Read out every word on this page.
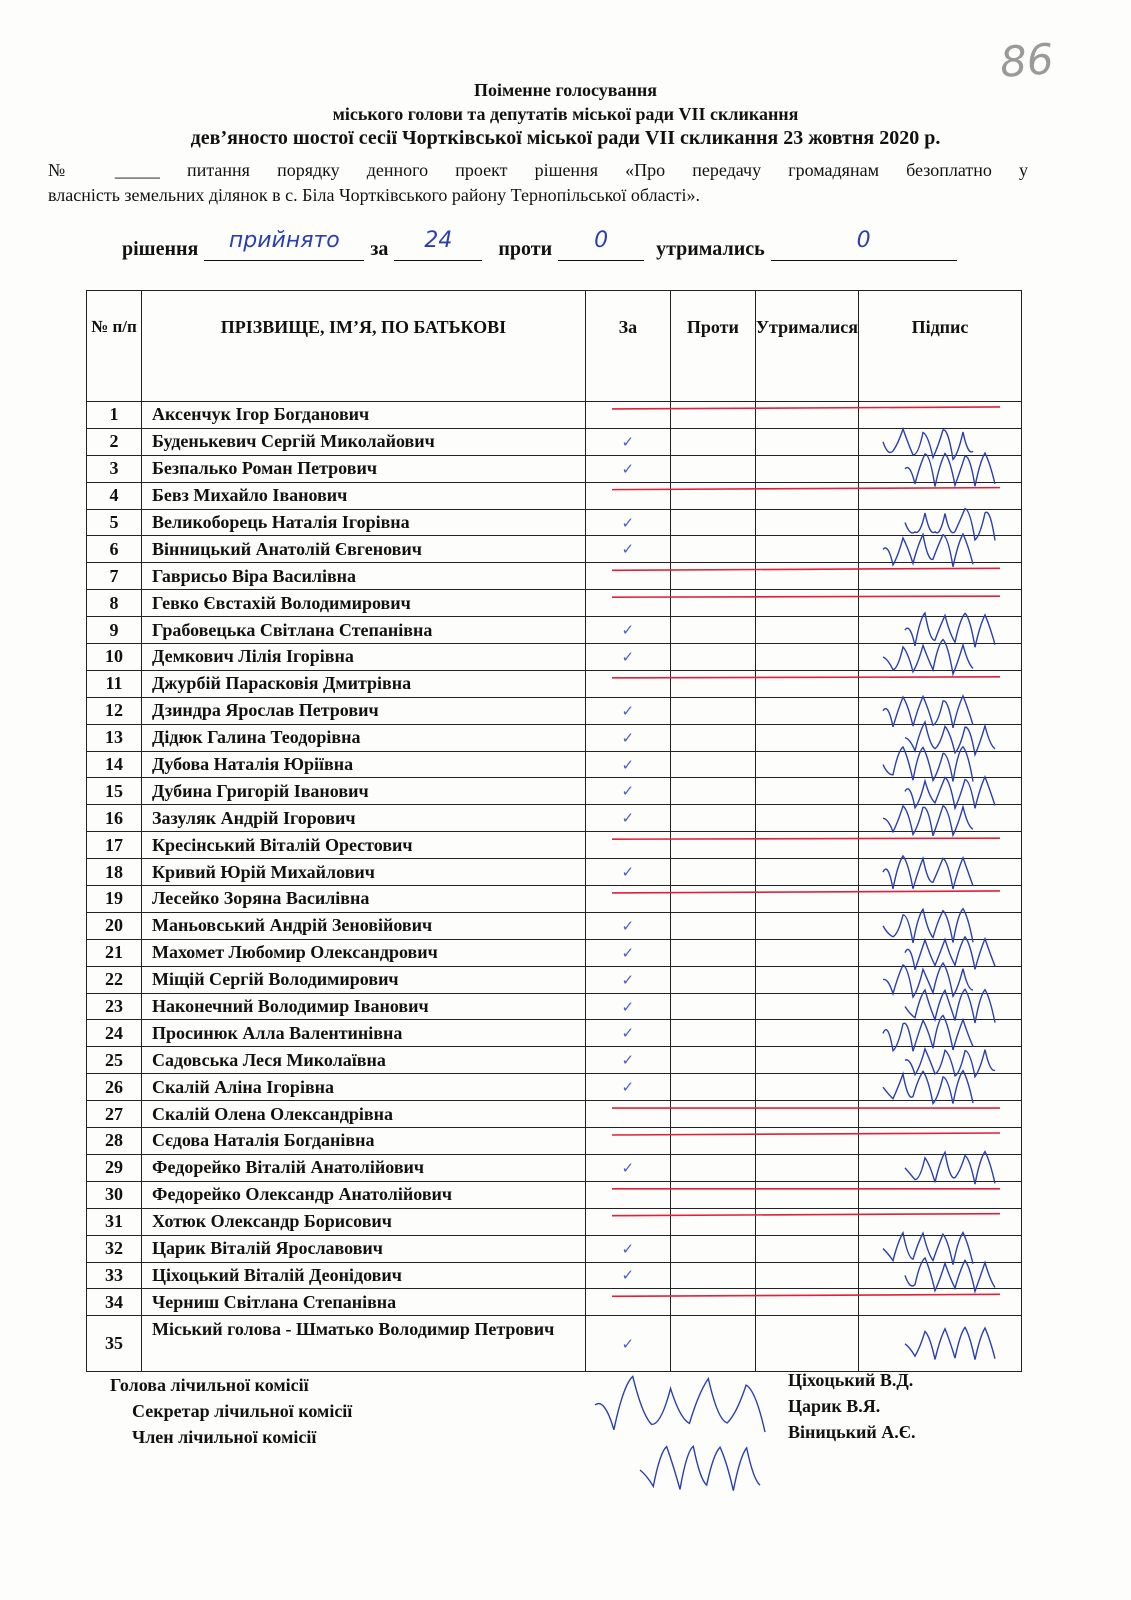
86
Поіменне голосування
міського голови та депутатів міської ради VII скликання
дев’яносто шостої сесії Чортківської міської ради VII скликання 23 жовтня 2020 р.
№ _____ питання порядку денного проект рішення «Про передачу громадянам безоплатно у
власність земельних ділянок в с. Біла Чортківського району Тернопільської області».
рішення	прийнято	за	24	проти	0	утримались	0
№ п/п	ПРІЗВИЩЕ, ІМ’Я, ПО БАТЬКОВІ	За	Проти	Утрималися	Підпис
1	Аксенчук Ігор Богданович				
2	Буденькевич Сергій Миколайович	✓			
3	Безпалько Роман Петрович	✓			
4	Бевз Михайло Іванович				
5	Великоборець Наталія Ігорівна	✓			
6	Вінницький Анатолій Євгенович	✓			
7	Гаврисьо Віра Василівна				
8	Гевко Євстахій Володимирович				
9	Грабовецька Світлана Степанівна	✓			
10	Демкович Лілія Ігорівна	✓			
11	Джурбій Парасковія Дмитрівна				
12	Дзиндра Ярослав Петрович	✓			
13	Дідюк Галина Теодорівна	✓			
14	Дубова Наталія Юріївна	✓			
15	Дубина Григорій Іванович	✓			
16	Зазуляк Андрій Ігорович	✓			
17	Кресінський Віталій Орестович				
18	Кривий Юрій Михайлович	✓			
19	Лесейко Зоряна Василівна				
20	Маньовський Андрій Зеновійович	✓			
21	Махомет Любомир Олександрович	✓			
22	Міщій Сергій Володимирович	✓			
23	Наконечний Володимир Іванович	✓			
24	Просинюк Алла Валентинівна	✓			
25	Садовська Леся Миколаївна	✓			
26	Скалій Аліна Ігорівна	✓			
27	Скалій Олена Олександрівна				
28	Сєдова Наталія Богданівна				
29	Федорейко Віталій Анатолійович	✓			
30	Федорейко Олександр Анатолійович				
31	Хотюк Олександр Борисович				
32	Царик Віталій Ярославович	✓			
33	Ціхоцький Віталій Деонідович	✓			
34	Черниш Світлана Степанівна				
35	Міський голова - Шматько Володимир Петрович	✓			
Голова лічильної комісії
Секретар лічильної комісії
Член лічильної комісії
Ціхоцький В.Д.
Царик В.Я.
Віницький А.Є.
